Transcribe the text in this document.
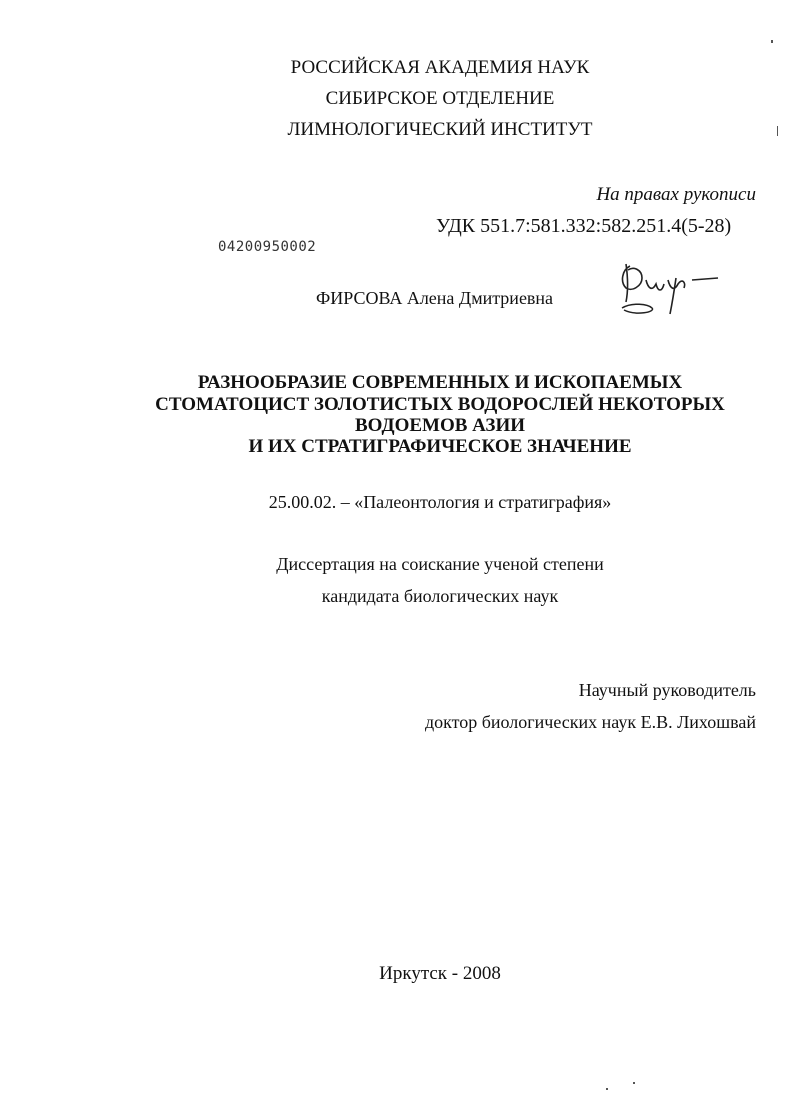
РОССИЙСКАЯ АКАДЕМИЯ НАУК
СИБИРСКОЕ ОТДЕЛЕНИЕ
ЛИМНОЛОГИЧЕСКИЙ ИНСТИТУТ
На правах рукописи
УДК 551.7:581.332:582.251.4(5-28)
04200950002
ФИРСОВА Алена Дмитриевна
РАЗНООБРАЗИЕ СОВРЕМЕННЫХ И ИСКОПАЕМЫХ
СТОМАТОЦИСТ ЗОЛОТИСТЫХ ВОДОРОСЛЕЙ НЕКОТОРЫХ
ВОДОЕМОВ АЗИИ
И ИХ СТРАТИГРАФИЧЕСКОЕ ЗНАЧЕНИЕ
25.00.02. – «Палеонтология и стратиграфия»
Диссертация на соискание ученой степени
кандидата биологических наук
Научный руководитель
доктор биологических наук Е.В. Лихошвай
Иркутск - 2008
